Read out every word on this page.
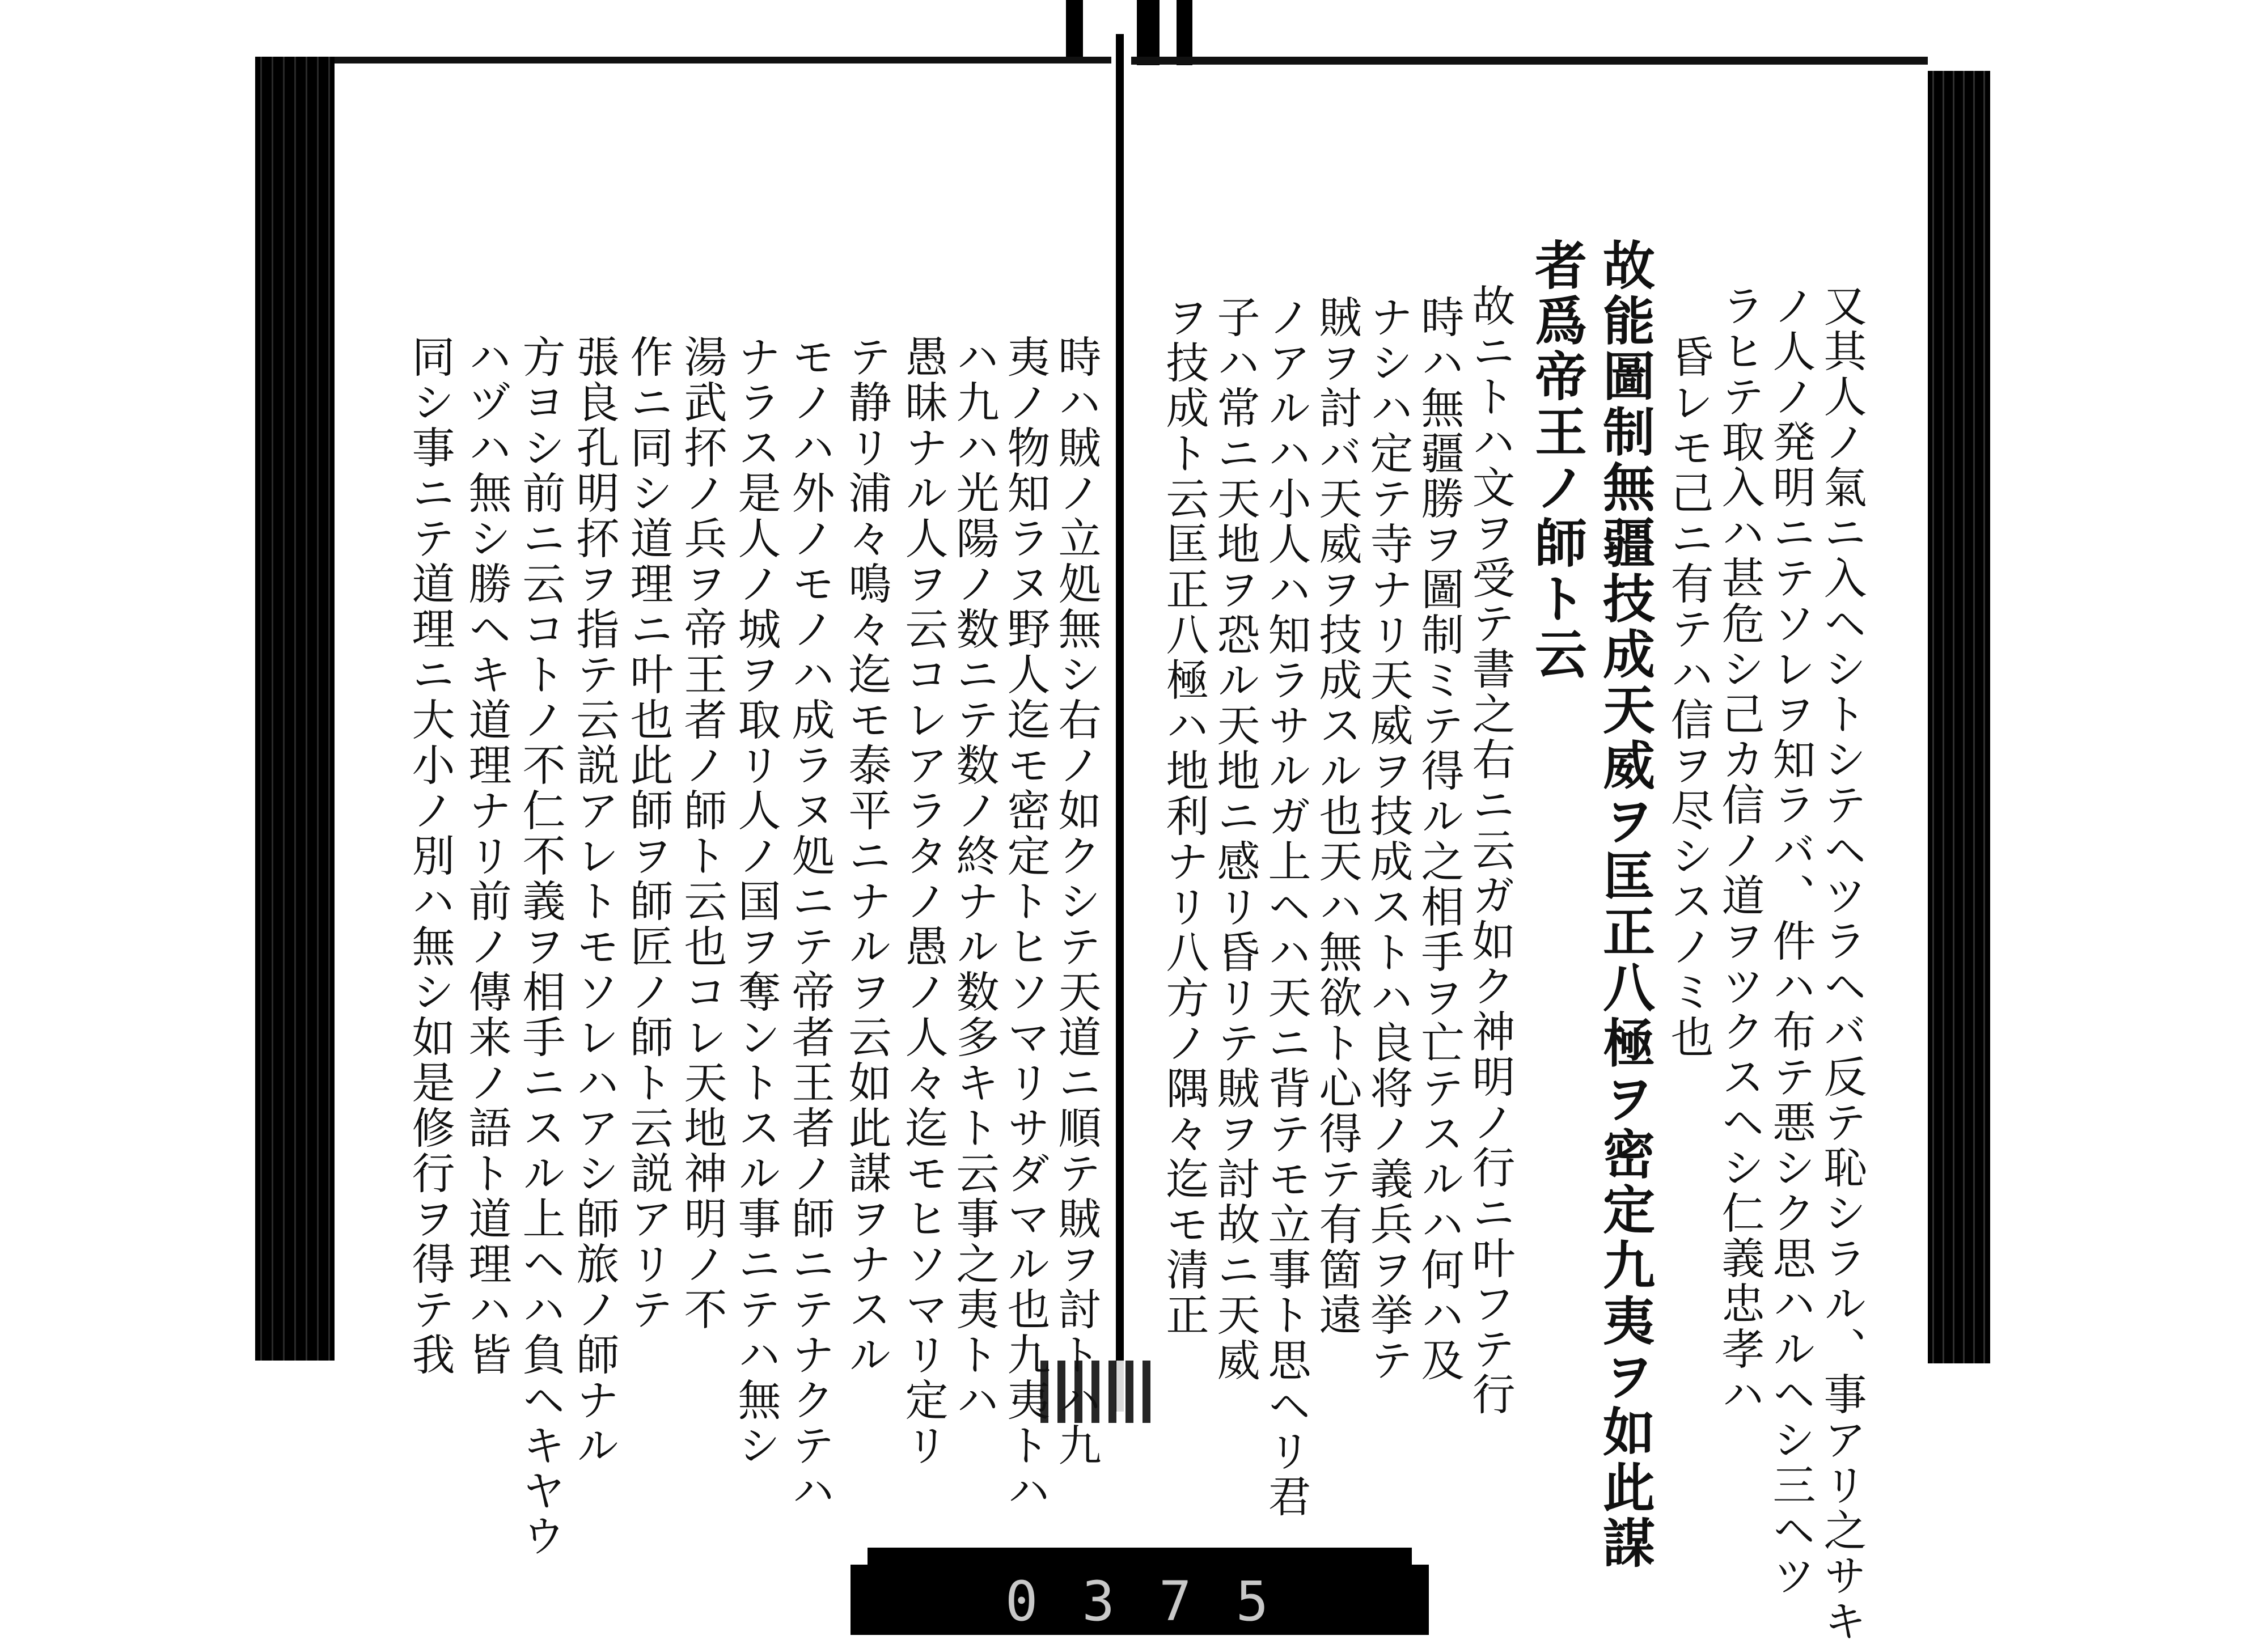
又其人ノ氣ニ入ヘシトシテヘツラヘバ反テ恥シラル、事アリ之サキ
ノ人ノ発明ニテソレヲ知ラバ、件ハ布テ悪シク思ハルヘシ三ヘツ
ラヒテ取入ハ甚危シ己カ信ノ道ヲツクスヘシ仁義忠孝ハ
昏レモ己ニ有テハ信ヲ尽シスノミ也
故能圖制無疆技成天威ヲ匡正八極ヲ密定九夷ヲ如此謀
者爲帝王ノ師ト云
故ニトハ文ヲ受テ書之右ニ云ガ如ク神明ノ行ニ叶フテ行
時ハ無疆勝ヲ圖制ミテ得ル之相手ヲ亡テスルハ何ハ及
ナシハ定テ寺ナリ天威ヲ技成ストハ良将ノ義兵ヲ挙テ
賊ヲ討バ天威ヲ技成スル也天ハ無欲ト心得テ有箇遠
ノアルハ小人ハ知ラサルガ上ヘハ天ニ背テモ立事ト思ヘリ君
子ハ常ニ天地ヲ恐ル天地ニ感リ昏リテ賊ヲ討故ニ天威
ヲ技成ト云匡正八極ハ地利ナリ八方ノ隅々迄モ清正
時ハ賊ノ立処無シ右ノ如クシテ天道ニ順テ賊ヲ討トハ九
夷ノ物知ラヌ野人迄モ密定トヒソマリサダマル也九夷トハ
ハ九ハ光陽ノ数ニテ数ノ終ナル数多キト云事之夷トハ
愚昧ナル人ヲ云コレアラタノ愚ノ人々迄モヒソマリ定リ
テ静リ浦々鳴々迄モ泰平ニナルヲ云如此謀ヲナスル
モノハ外ノモノハ成ラヌ処ニテ帝者王者ノ師ニテナクテハ
ナラス是人ノ城ヲ取リ人ノ国ヲ奪ントスル事ニテハ無シ
湯武抔ノ兵ヲ帝王者ノ師ト云也コレ天地神明ノ不
作ニ同シ道理ニ叶也此師ヲ師匠ノ師ト云説アリテ
張良孔明抔ヲ指テ云説アレトモソレハアシ師旅ノ師ナル
方ヨシ前ニ云コトノ不仁不義ヲ相手ニスル上ヘハ負ヘキヤウ
ハヅハ無シ勝ヘキ道理ナリ前ノ傳来ノ語ト道理ハ皆
同シ事ニテ道理ニ大小ノ別ハ無シ如是修行ヲ得テ我
0 3 7 5
